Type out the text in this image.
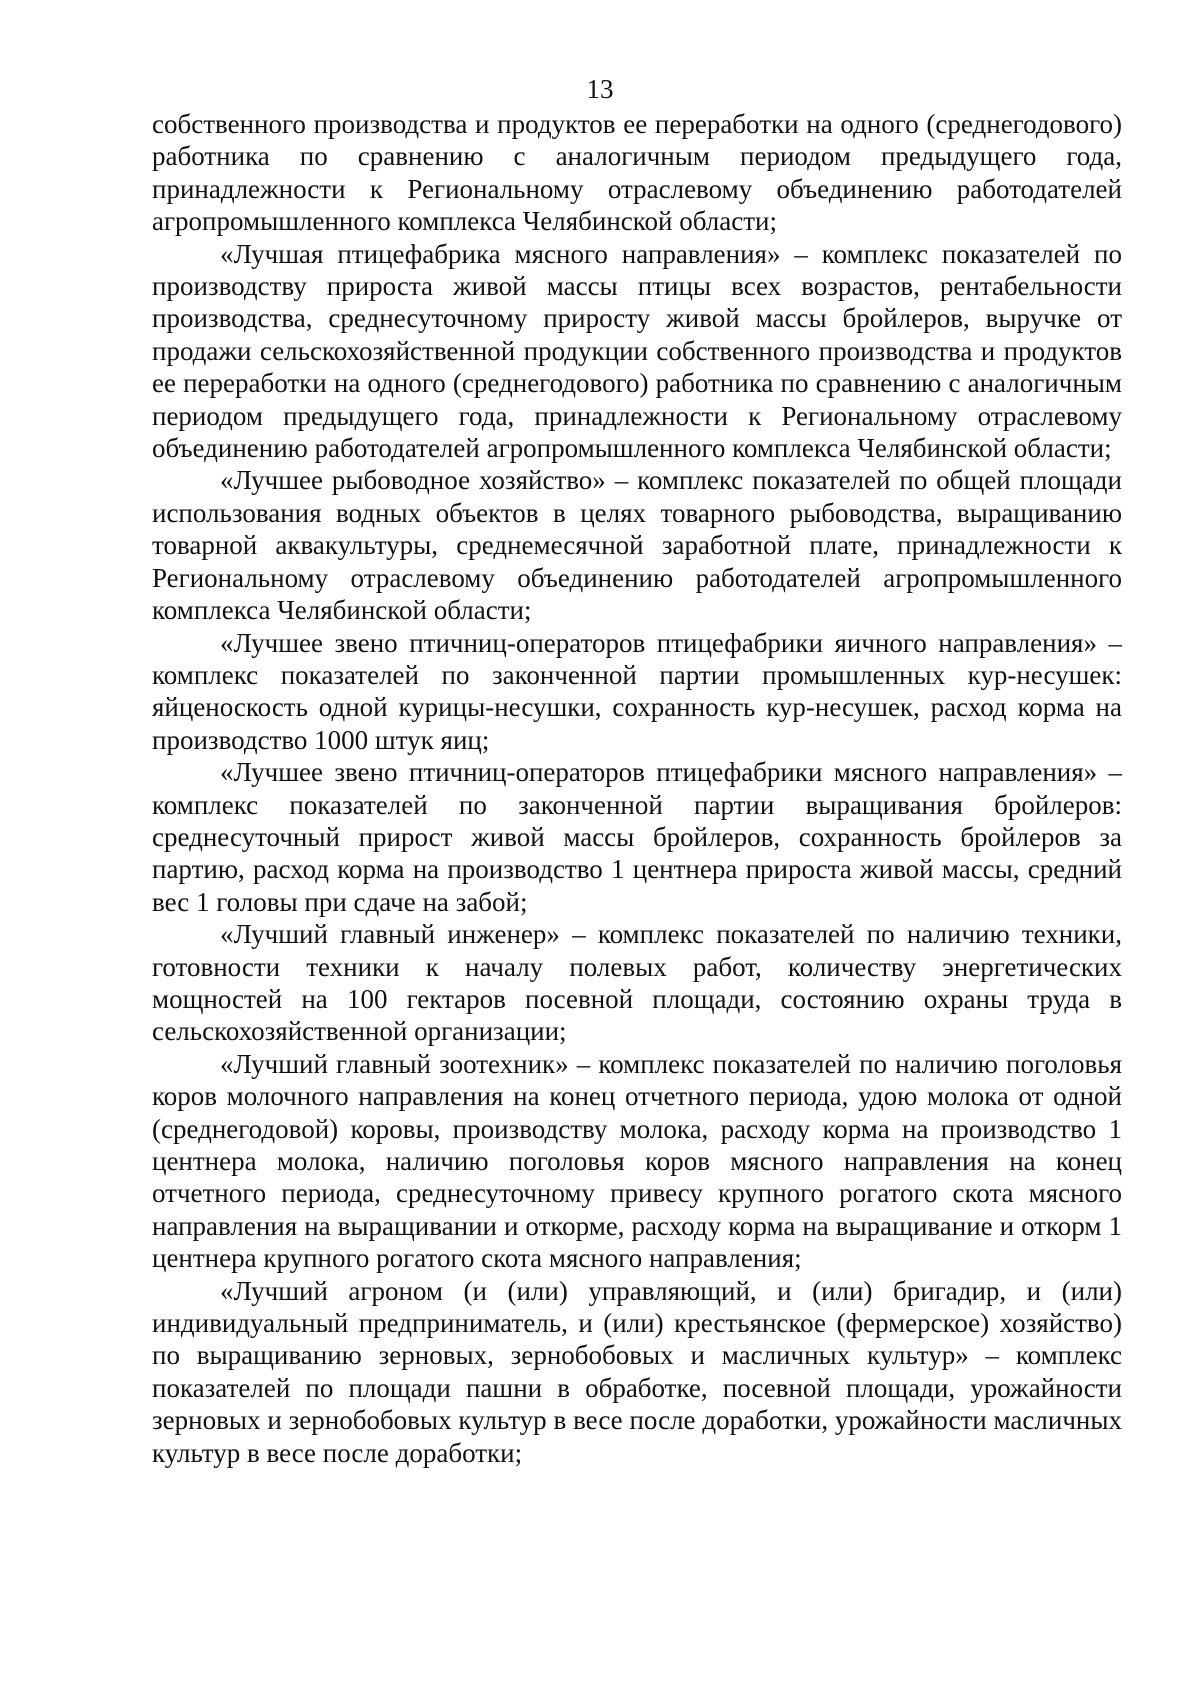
13

собственного производства и продуктов ее переработки на одного (среднегодового) работника по сравнению с аналогичным периодом предыдущего года, принадлежности к Региональному отраслевому объединению работодателей агропромышленного комплекса Челябинской области;

«Лучшая птицефабрика мясного направления» – комплекс показателей по производству прироста живой массы птицы всех возрастов, рентабельности производства, среднесуточному приросту живой массы бройлеров, выручке от продажи сельскохозяйственной продукции собственного производства и продуктов ее переработки на одного (среднегодового) работника по сравнению с аналогичным периодом предыдущего года, принадлежности к Региональному отраслевому объединению работодателей агропромышленного комплекса Челябинской области;

«Лучшее рыбоводное хозяйство» – комплекс показателей по общей площади использования водных объектов в целях товарного рыбоводства, выращиванию товарной аквакультуры, среднемесячной заработной плате, принадлежности к Региональному отраслевому объединению работодателей агропромышленного комплекса Челябинской области;

«Лучшее звено птичниц-операторов птицефабрики яичного направления» – комплекс показателей по законченной партии промышленных кур-несушек: яйценоскость одной курицы-несушки, сохранность кур-несушек, расход корма на производство 1000 штук яиц;

«Лучшее звено птичниц-операторов птицефабрики мясного направления» – комплекс показателей по законченной партии выращивания бройлеров: среднесуточный прирост живой массы бройлеров, сохранность бройлеров за партию, расход корма на производство 1 центнера прироста живой массы, средний вес 1 головы при сдаче на забой;

«Лучший главный инженер» – комплекс показателей по наличию техники, готовности техники к началу полевых работ, количеству энергетических мощностей на 100 гектаров посевной площади, состоянию охраны труда в сельскохозяйственной организации;

«Лучший главный зоотехник» – комплекс показателей по наличию поголовья коров молочного направления на конец отчетного периода, удою молока от одной (среднегодовой) коровы, производству молока, расходу корма на производство 1 центнера молока, наличию поголовья коров мясного направления на конец отчетного периода, среднесуточному привесу крупного рогатого скота мясного направления на выращивании и откорме, расходу корма на выращивание и откорм 1 центнера крупного рогатого скота мясного направления;

«Лучший агроном (и (или) управляющий, и (или) бригадир, и (или) индивидуальный предприниматель, и (или) крестьянское (фермерское) хозяйство) по выращиванию зерновых, зернобобовых и масличных культур» – комплекс показателей по площади пашни в обработке, посевной площади, урожайности зерновых и зернобобовых культур в весе после доработки, урожайности масличных культур в весе после доработки;
